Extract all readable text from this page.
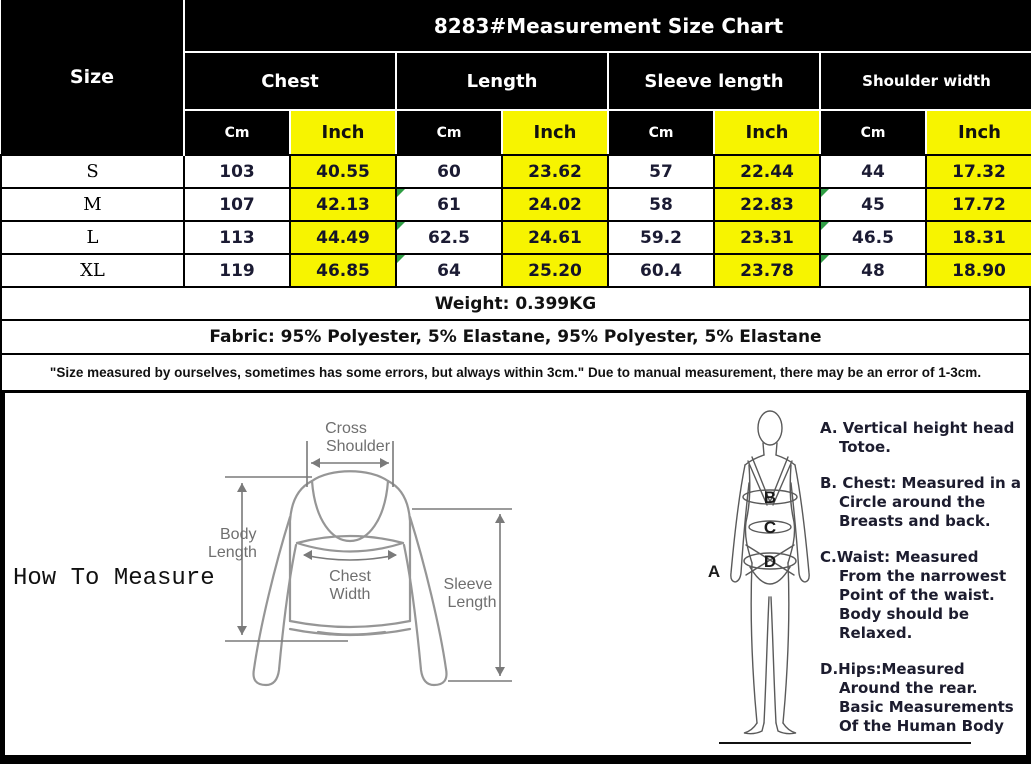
Size	8283#Measurement Size Chart							
	Chest		Length		Sleeve length		Shoulder width	
	Cm	Inch	Cm	Inch	Cm	Inch	Cm	Inch
S	103	40.55	60	23.62	57	22.44	44	17.32
M	107	42.13	61	24.02	58	22.83	45	17.72
L	113	44.49	62.5	24.61	59.2	23.31	46.5	18.31
XL	119	46.85	64	25.20	60.4	23.78	48	18.90
Weight: 0.399KG
Fabric: 95% Polyester, 5% Elastane, 95% Polyester, 5% Elastane
"Size measured by ourselves, sometimes has some errors, but always within 3cm." Due to manual measurement, there may be an error of 1-3cm.
How To Measure
Cross
Shoulder
Body
Length
Chest
Width
Sleeve
Length
A
B
C
D
A. Vertical height head
Totoe.
B. Chest: Measured in a
Circle around the
Breasts and back.
C.Waist: Measured
From the narrowest
Point of the waist.
Body should be
Relaxed.
D.Hips:Measured
Around the rear.
Basic Measurements
Of the Human Body
